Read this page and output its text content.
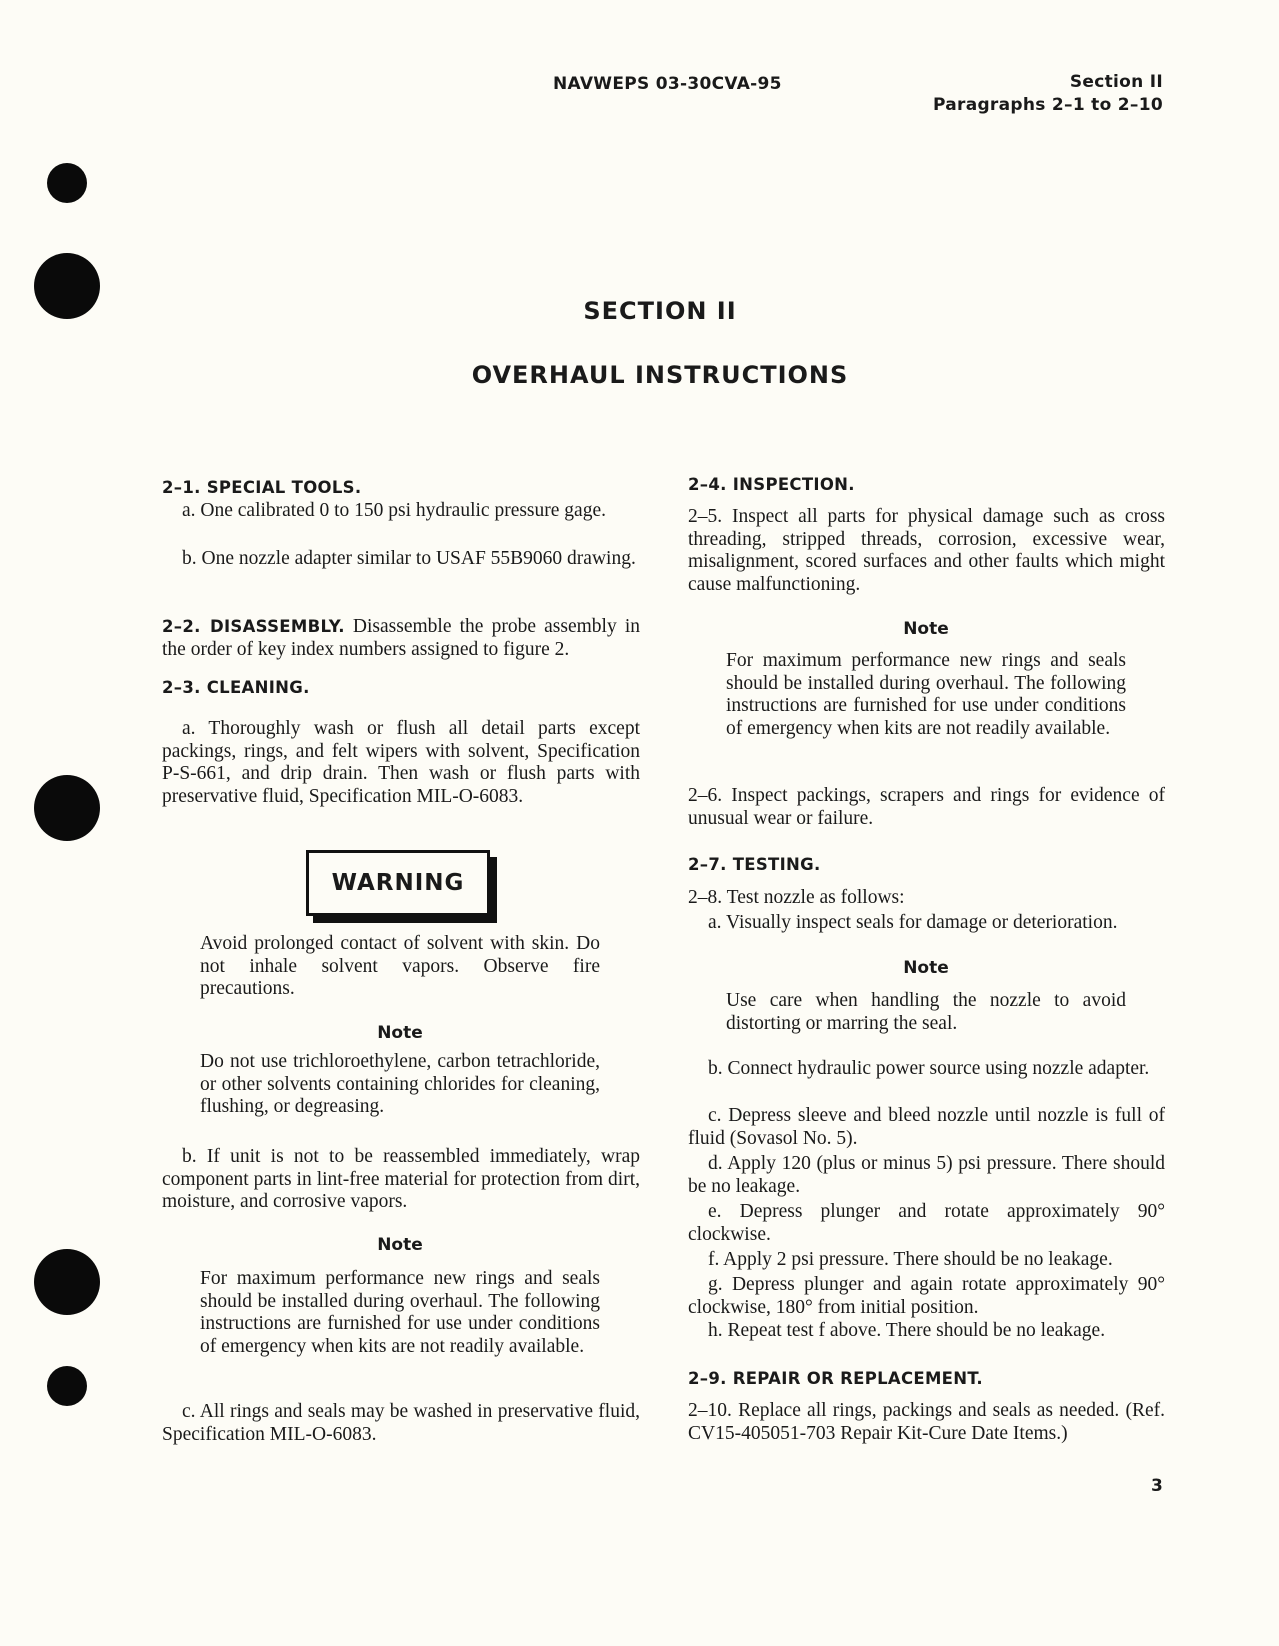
NAVWEPS 03-30CVA-95	Section II
Paragraphs 2–1 to 2–10
SECTION II
OVERHAUL INSTRUCTIONS
2–1. SPECIAL TOOLS.
a. One calibrated 0 to 150 psi hydraulic pressure gage.
b. One nozzle adapter similar to USAF 55B9060 drawing.
2–2. DISASSEMBLY. Disassemble the probe assembly in the order of key index numbers assigned to figure 2.
2–3. CLEANING.
a. Thoroughly wash or flush all detail parts except packings, rings, and felt wipers with solvent, Specification P-S-661, and drip drain. Then wash or flush parts with preservative fluid, Specification MIL-O-6083.
WARNING
Avoid prolonged contact of solvent with skin. Do not inhale solvent vapors. Observe fire precautions.
Note
Do not use trichloroethylene, carbon tetrachloride, or other solvents containing chlorides for cleaning, flushing, or degreasing.
b. If unit is not to be reassembled immediately, wrap component parts in lint-free material for protection from dirt, moisture, and corrosive vapors.
Note
For maximum performance new rings and seals should be installed during overhaul. The following instructions are furnished for use under conditions of emergency when kits are not readily available.
c. All rings and seals may be washed in preservative fluid, Specification MIL-O-6083.
2–4. INSPECTION.
2–5. Inspect all parts for physical damage such as cross threading, stripped threads, corrosion, excessive wear, misalignment, scored surfaces and other faults which might cause malfunctioning.
Note
For maximum performance new rings and seals should be installed during overhaul. The following instructions are furnished for use under conditions of emergency when kits are not readily available.
2–6. Inspect packings, scrapers and rings for evidence of unusual wear or failure.
2–7. TESTING.
2–8. Test nozzle as follows:
a. Visually inspect seals for damage or deterioration.
Note
Use care when handling the nozzle to avoid distorting or marring the seal.
b. Connect hydraulic power source using nozzle adapter.
c. Depress sleeve and bleed nozzle until nozzle is full of fluid (Sovasol No. 5).
d. Apply 120 (plus or minus 5) psi pressure. There should be no leakage.
e. Depress plunger and rotate approximately 90° clockwise.
f. Apply 2 psi pressure. There should be no leakage.
g. Depress plunger and again rotate approximately 90° clockwise, 180° from initial position.
h. Repeat test f above. There should be no leakage.
2–9. REPAIR OR REPLACEMENT.
2–10. Replace all rings, packings and seals as needed. (Ref. CV15-405051-703 Repair Kit-Cure Date Items.)
3
